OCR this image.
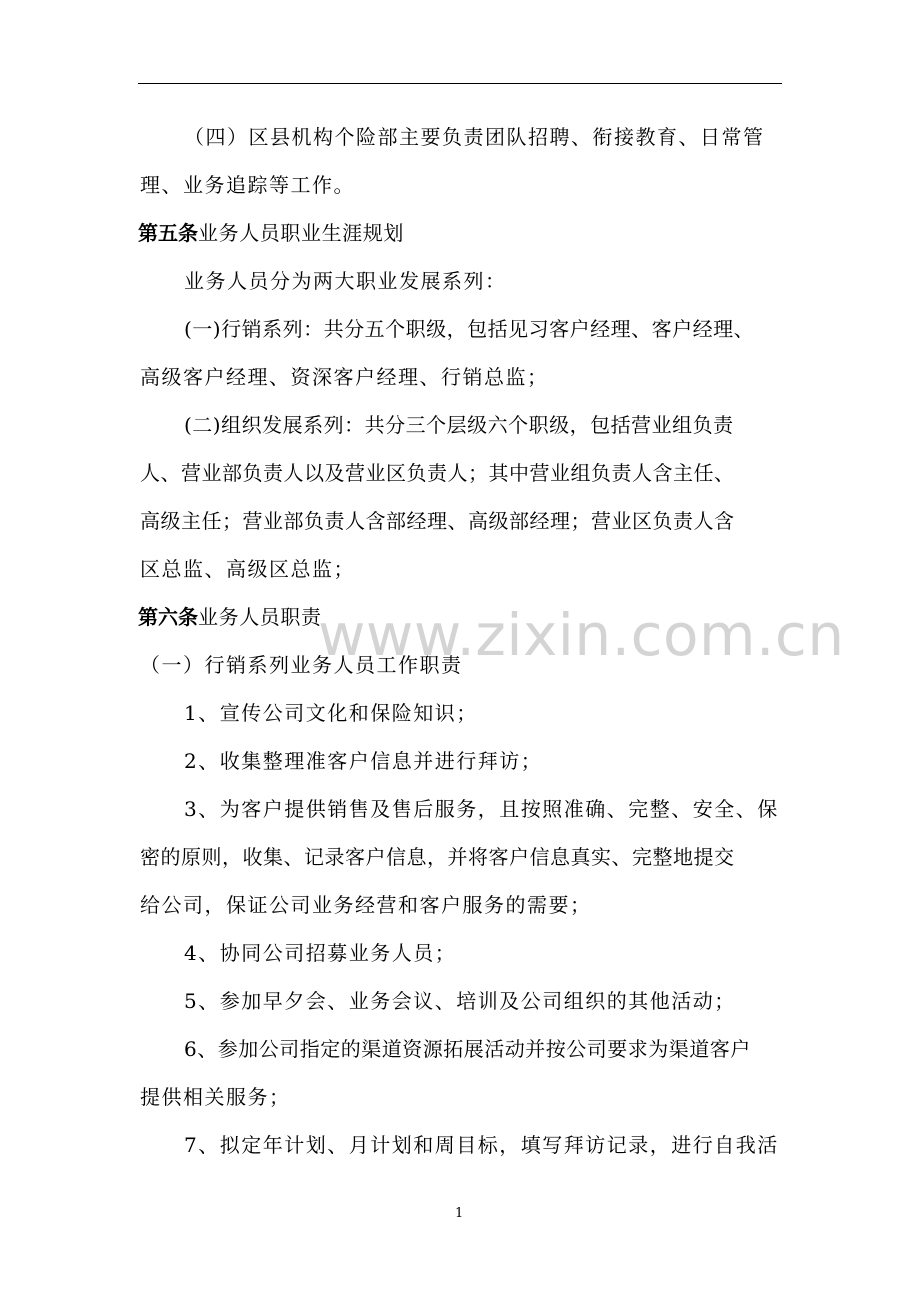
www.zixin.com.cn
（四）区县机构个险部主要负责团队招聘、衔接教育、日常管
理、业务追踪等工作。
第五条业务人员职业生涯规划
业务人员分为两大职业发展系列：
(一)行销系列：共分五个职级，包括见习客户经理、客户经理、
高级客户经理、资深客户经理、行销总监；
(二)组织发展系列：共分三个层级六个职级，包括营业组负责
人、营业部负责人以及营业区负责人；其中营业组负责人含主任、
高级主任；营业部负责人含部经理、高级部经理；营业区负责人含
区总监、高级区总监；
第六条业务人员职责
（一）行销系列业务人员工作职责
1、宣传公司文化和保险知识；
2、收集整理准客户信息并进行拜访；
3、为客户提供销售及售后服务，且按照准确、完整、安全、保
密的原则，收集、记录客户信息，并将客户信息真实、完整地提交
给公司，保证公司业务经营和客户服务的需要；
4、协同公司招募业务人员；
5、参加早夕会、业务会议、培训及公司组织的其他活动；
6、参加公司指定的渠道资源拓展活动并按公司要求为渠道客户
提供相关服务；
7、拟定年计划、月计划和周目标，填写拜访记录，进行自我活
1
